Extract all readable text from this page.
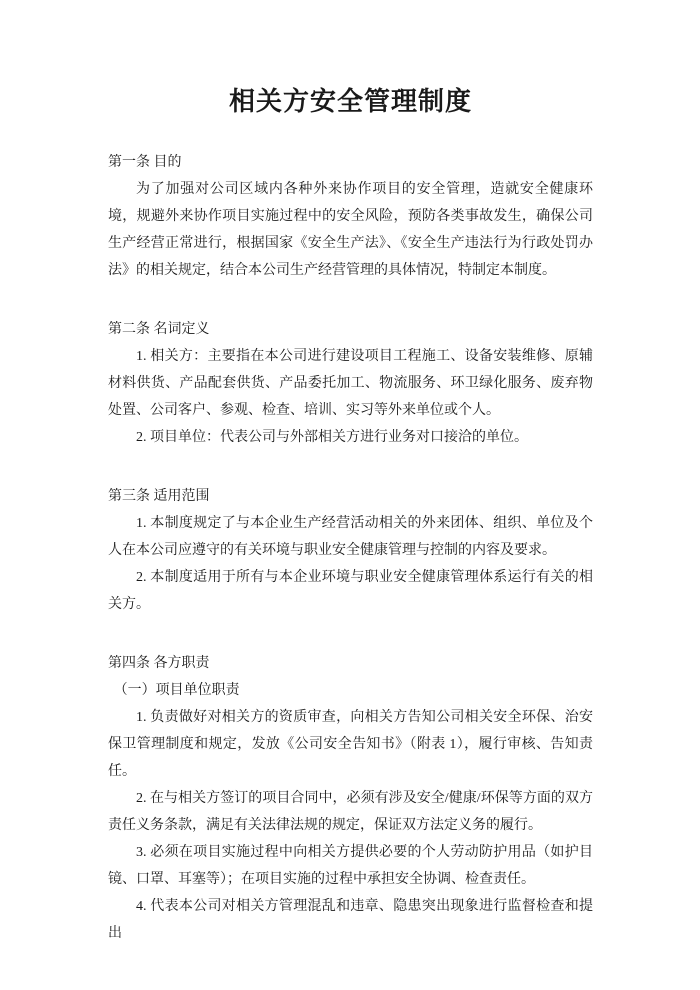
相关方安全管理制度
第一条 目的

为了加强对公司区域内各种外来协作项目的安全管理，造就安全健康环境，规避外来协作项目实施过程中的安全风险，预防各类事故发生，确保公司生产经营正常进行，根据国家《安全生产法》、《安全生产违法行为行政处罚办法》的相关规定，结合本公司生产经营管理的具体情况，特制定本制度。

第二条 名词定义

1. 相关方：主要指在本公司进行建设项目工程施工、设备安装维修、原辅材料供货、产品配套供货、产品委托加工、物流服务、环卫绿化服务、废弃物处置、公司客户、参观、检查、培训、实习等外来单位或个人。

2. 项目单位：代表公司与外部相关方进行业务对口接洽的单位。

第三条 适用范围

1. 本制度规定了与本企业生产经营活动相关的外来团体、组织、单位及个人在本公司应遵守的有关环境与职业安全健康管理与控制的内容及要求。

2. 本制度适用于所有与本企业环境与职业安全健康管理体系运行有关的相关方。

第四条 各方职责

（一）项目单位职责

1. 负责做好对相关方的资质审查，向相关方告知公司相关安全环保、治安保卫管理制度和规定，发放《公司安全告知书》（附表 1），履行审核、告知责任。

2. 在与相关方签订的项目合同中，必须有涉及安全/健康/环保等方面的双方责任义务条款，满足有关法律法规的规定，保证双方法定义务的履行。

3. 必须在项目实施过程中向相关方提供必要的个人劳动防护用品（如护目镜、口罩、耳塞等）；在项目实施的过程中承担安全协调、检查责任。

4. 代表本公司对相关方管理混乱和违章、隐患突出现象进行监督检查和提出
